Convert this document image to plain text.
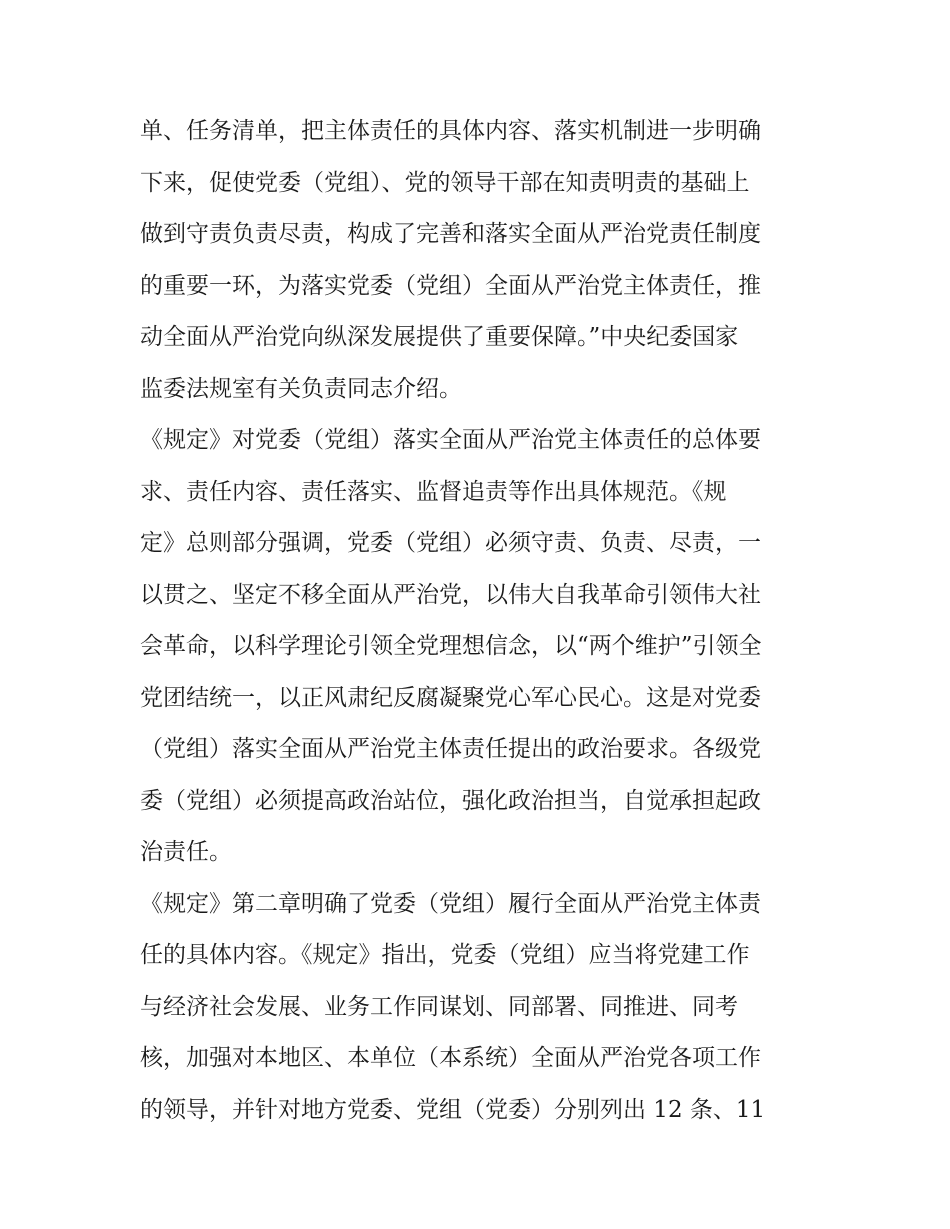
单、任务清单，把主体责任的具体内容、落实机制进一步明确
下来，促使党委（党组）、党的领导干部在知责明责的基础上
做到守责负责尽责，构成了完善和落实全面从严治党责任制度
的重要一环，为落实党委（党组）全面从严治党主体责任，推
动全面从严治党向纵深发展提供了重要保障。”中央纪委国家
监委法规室有关负责同志介绍。
《规定》对党委（党组）落实全面从严治党主体责任的总体要
求、责任内容、责任落实、监督追责等作出具体规范。《规
定》总则部分强调，党委（党组）必须守责、负责、尽责，一
以贯之、坚定不移全面从严治党，以伟大自我革命引领伟大社
会革命，以科学理论引领全党理想信念，以“两个维护”引领全
党团结统一，以正风肃纪反腐凝聚党心军心民心。这是对党委
（党组）落实全面从严治党主体责任提出的政治要求。各级党
委（党组）必须提高政治站位，强化政治担当，自觉承担起政
治责任。
《规定》第二章明确了党委（党组）履行全面从严治党主体责
任的具体内容。《规定》指出，党委（党组）应当将党建工作
与经济社会发展、业务工作同谋划、同部署、同推进、同考
核，加强对本地区、本单位（本系统）全面从严治党各项工作
的领导，并针对地方党委、党组（党委）分别列出 12 条、11
